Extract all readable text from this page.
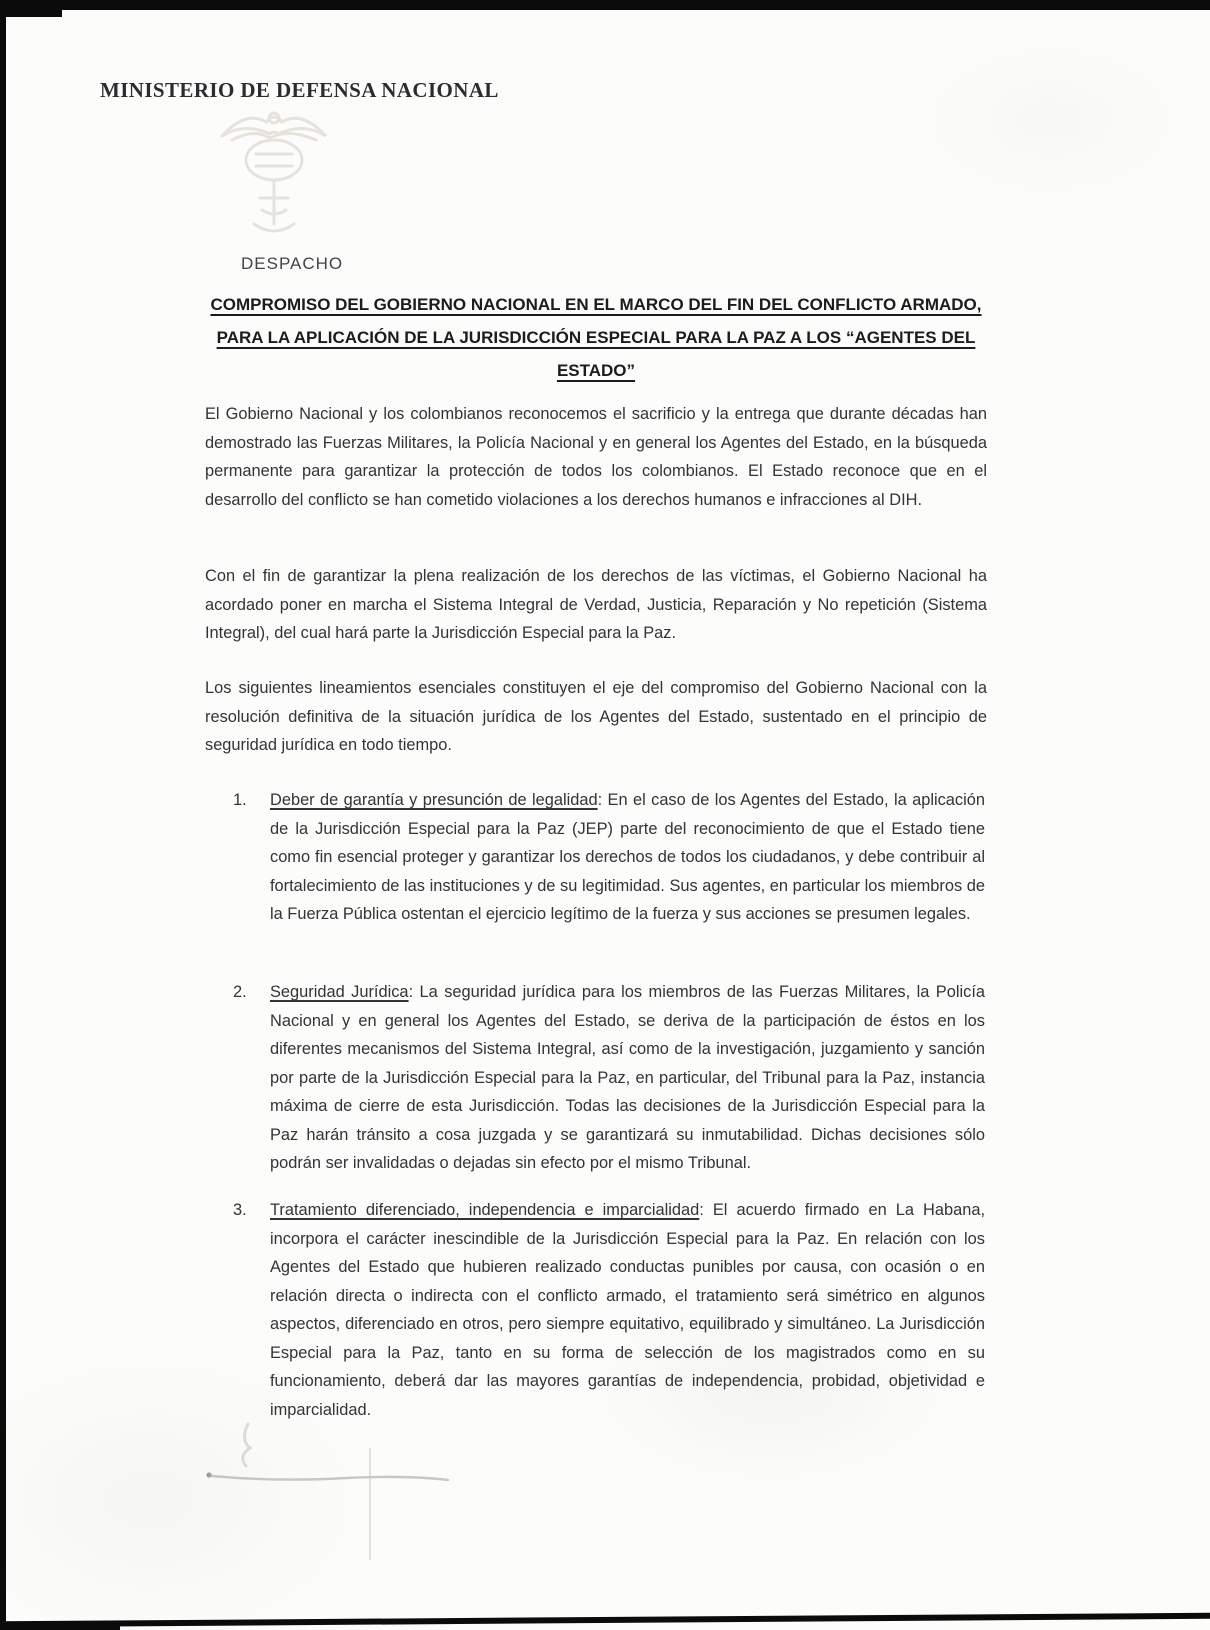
MINISTERIO DE DEFENSA NACIONAL
DESPACHO
COMPROMISO DEL GOBIERNO NACIONAL EN EL MARCO DEL FIN DEL CONFLICTO ARMADO,
PARA LA APLICACIÓN DE LA JURISDICCIÓN ESPECIAL PARA LA PAZ A LOS “AGENTES DEL
ESTADO”
El Gobierno Nacional y los colombianos reconocemos el sacrificio y la entrega que durante décadas han demostrado las Fuerzas Militares, la Policía Nacional y en general los Agentes del Estado, en la búsqueda permanente para garantizar la protección de todos los colombianos. El Estado reconoce que en el desarrollo del conflicto se han cometido violaciones a los derechos humanos e infracciones al DIH.
Con el fin de garantizar la plena realización de los derechos de las víctimas, el Gobierno Nacional ha acordado poner en marcha el Sistema Integral de Verdad, Justicia, Reparación y No repetición (Sistema Integral), del cual hará parte la Jurisdicción Especial para la Paz.
Los siguientes lineamientos esenciales constituyen el eje del compromiso del Gobierno Nacional con la resolución definitiva de la situación jurídica de los Agentes del Estado, sustentado en el principio de seguridad jurídica en todo tiempo.
1.	Deber de garantía y presunción de legalidad: En el caso de los Agentes del Estado, la aplicación de la Jurisdicción Especial para la Paz (JEP) parte del reconocimiento de que el Estado tiene como fin esencial proteger y garantizar los derechos de todos los ciudadanos, y debe contribuir al fortalecimiento de las instituciones y de su legitimidad. Sus agentes, en particular los miembros de la Fuerza Pública ostentan el ejercicio legítimo de la fuerza y sus acciones se presumen legales.
2.	Seguridad Jurídica: La seguridad jurídica para los miembros de las Fuerzas Militares, la Policía Nacional y en general los Agentes del Estado, se deriva de la participación de éstos en los diferentes mecanismos del Sistema Integral, así como de la investigación, juzgamiento y sanción por parte de la Jurisdicción Especial para la Paz, en particular, del Tribunal para la Paz, instancia máxima de cierre de esta Jurisdicción. Todas las decisiones de la Jurisdicción Especial para la Paz harán tránsito a cosa juzgada y se garantizará su inmutabilidad. Dichas decisiones sólo podrán ser invalidadas o dejadas sin efecto por el mismo Tribunal.
3.	Tratamiento diferenciado, independencia e imparcialidad: El acuerdo firmado en La Habana, incorpora el carácter inescindible de la Jurisdicción Especial para la Paz. En relación con los Agentes del Estado que hubieren realizado conductas punibles por causa, con ocasión o en relación directa o indirecta con el conflicto armado, el tratamiento será simétrico en algunos aspectos, diferenciado en otros, pero siempre equitativo, equilibrado y simultáneo. La Jurisdicción Especial para la Paz, tanto en su forma de selección de los magistrados como en su funcionamiento, deberá dar las mayores garantías de independencia, probidad, objetividad e imparcialidad.
